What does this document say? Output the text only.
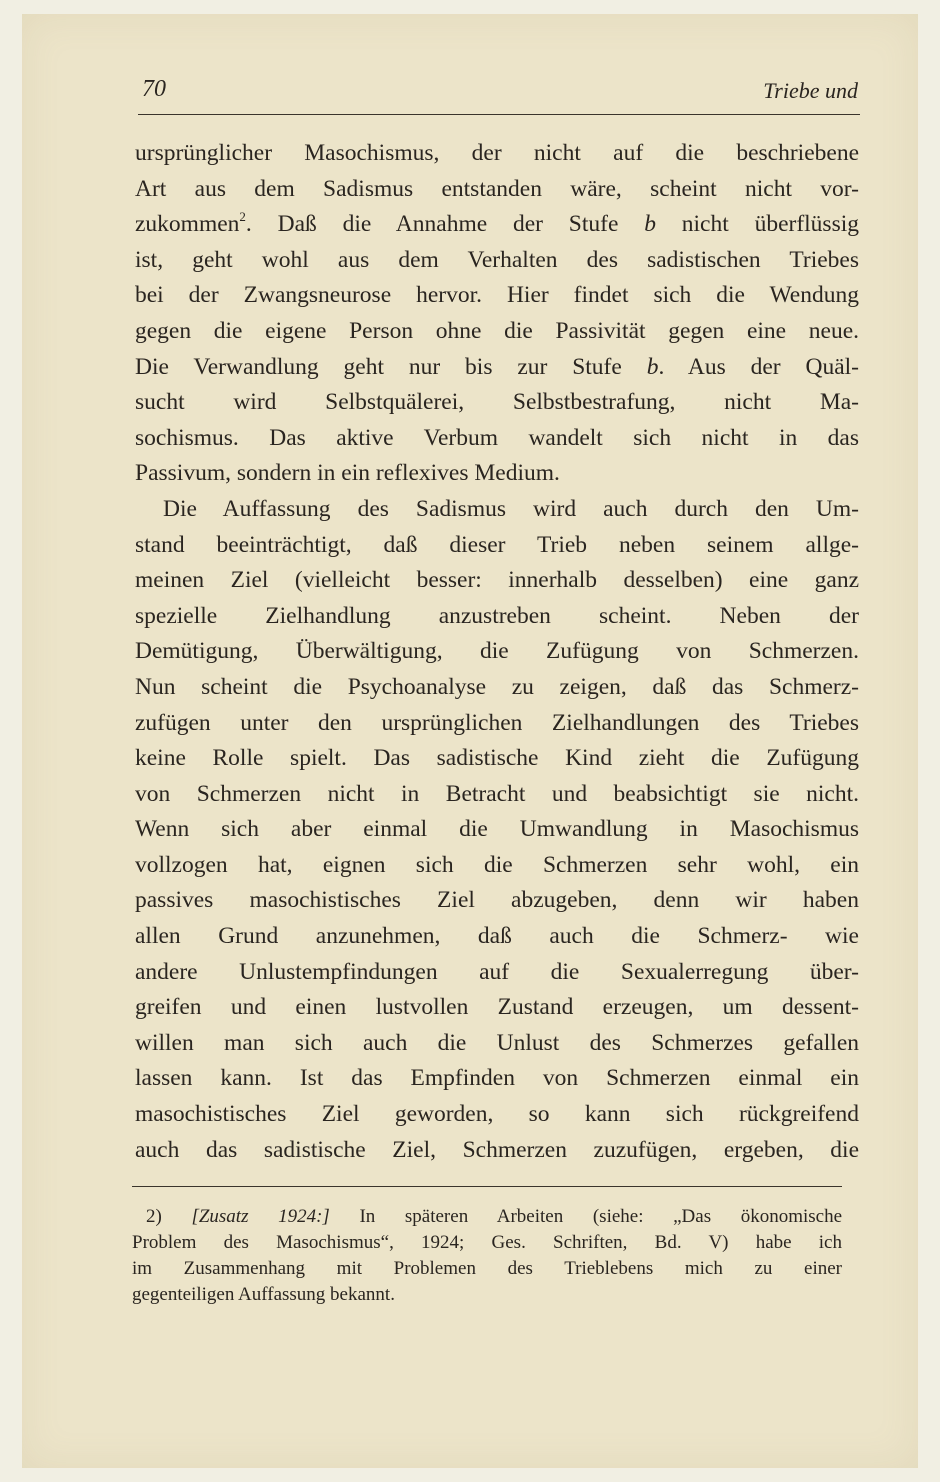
70	Triebe und
ursprünglicher Masochismus, der nicht auf die beschriebene
Art aus dem Sadismus entstanden wäre, scheint nicht vor-
zukommen$^2$. Daß die Annahme der Stufe b nicht überflüssig
ist, geht wohl aus dem Verhalten des sadistischen Triebes
bei der Zwangsneurose hervor. Hier findet sich die Wendung
gegen die eigene Person ohne die Passivität gegen eine neue.
Die Verwandlung geht nur bis zur Stufe b. Aus der Quäl-
sucht wird Selbstquälerei, Selbstbestrafung, nicht Ma-
sochismus. Das aktive Verbum wandelt sich nicht in das
Passivum, sondern in ein reflexives Medium.
Die Auffassung des Sadismus wird auch durch den Um-
stand beeinträchtigt, daß dieser Trieb neben seinem allge-
meinen Ziel (vielleicht besser: innerhalb desselben) eine ganz
spezielle Zielhandlung anzustreben scheint. Neben der
Demütigung, Überwältigung, die Zufügung von Schmerzen.
Nun scheint die Psychoanalyse zu zeigen, daß das Schmerz-
zufügen unter den ursprünglichen Zielhandlungen des Triebes
keine Rolle spielt. Das sadistische Kind zieht die Zufügung
von Schmerzen nicht in Betracht und beabsichtigt sie nicht.
Wenn sich aber einmal die Umwandlung in Masochismus
vollzogen hat, eignen sich die Schmerzen sehr wohl, ein
passives masochistisches Ziel abzugeben, denn wir haben
allen Grund anzunehmen, daß auch die Schmerz- wie
andere Unlustempfindungen auf die Sexualerregung über-
greifen und einen lustvollen Zustand erzeugen, um dessent-
willen man sich auch die Unlust des Schmerzes gefallen
lassen kann. Ist das Empfinden von Schmerzen einmal ein
masochistisches Ziel geworden, so kann sich rückgreifend
auch das sadistische Ziel, Schmerzen zuzufügen, ergeben, die
2) [Zusatz 1924:] In späteren Arbeiten (siehe: „Das ökonomische
Problem des Masochismus“, 1924; Ges. Schriften, Bd. V) habe ich
im Zusammenhang mit Problemen des Trieblebens mich zu einer
gegenteiligen Auffassung bekannt.
